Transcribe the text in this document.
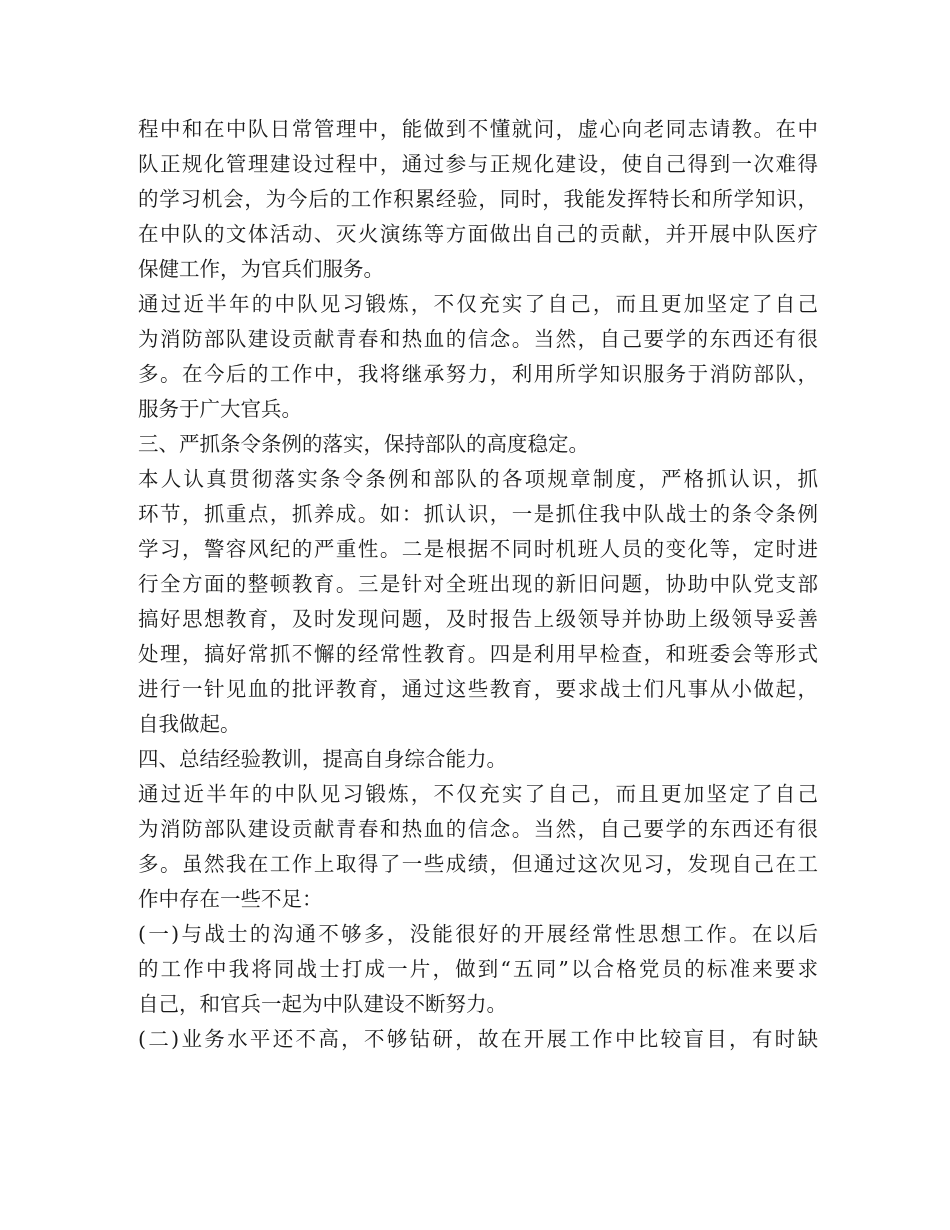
程中和在中队日常管理中，能做到不懂就问，虚心向老同志请教。在中
队正规化管理建设过程中，通过参与正规化建设，使自己得到一次难得
的学习机会，为今后的工作积累经验，同时，我能发挥特长和所学知识，
在中队的文体活动、灭火演练等方面做出自己的贡献，并开展中队医疗
保健工作，为官兵们服务。
通过近半年的中队见习锻炼，不仅充实了自己，而且更加坚定了自己
为消防部队建设贡献青春和热血的信念。当然，自己要学的东西还有很
多。在今后的工作中，我将继承努力，利用所学知识服务于消防部队，
服务于广大官兵。
三、严抓条令条例的落实，保持部队的高度稳定。
本人认真贯彻落实条令条例和部队的各项规章制度，严格抓认识，抓
环节，抓重点，抓养成。如：抓认识，一是抓住我中队战士的条令条例
学习，警容风纪的严重性。二是根据不同时机班人员的变化等，定时进
行全方面的整顿教育。三是针对全班出现的新旧问题，协助中队党支部
搞好思想教育，及时发现问题，及时报告上级领导并协助上级领导妥善
处理，搞好常抓不懈的经常性教育。四是利用早检查，和班委会等形式
进行一针见血的批评教育，通过这些教育，要求战士们凡事从小做起，
自我做起。
四、总结经验教训，提高自身综合能力。
通过近半年的中队见习锻炼，不仅充实了自己，而且更加坚定了自己
为消防部队建设贡献青春和热血的信念。当然，自己要学的东西还有很
多。虽然我在工作上取得了一些成绩，但通过这次见习，发现自己在工
作中存在一些不足：
(一)与战士的沟通不够多，没能很好的开展经常性思想工作。在以后
的工作中我将同战士打成一片，做到“五同”以合格党员的标准来要求
自己，和官兵一起为中队建设不断努力。
(二)业务水平还不高，不够钻研，故在开展工作中比较盲目，有时缺
